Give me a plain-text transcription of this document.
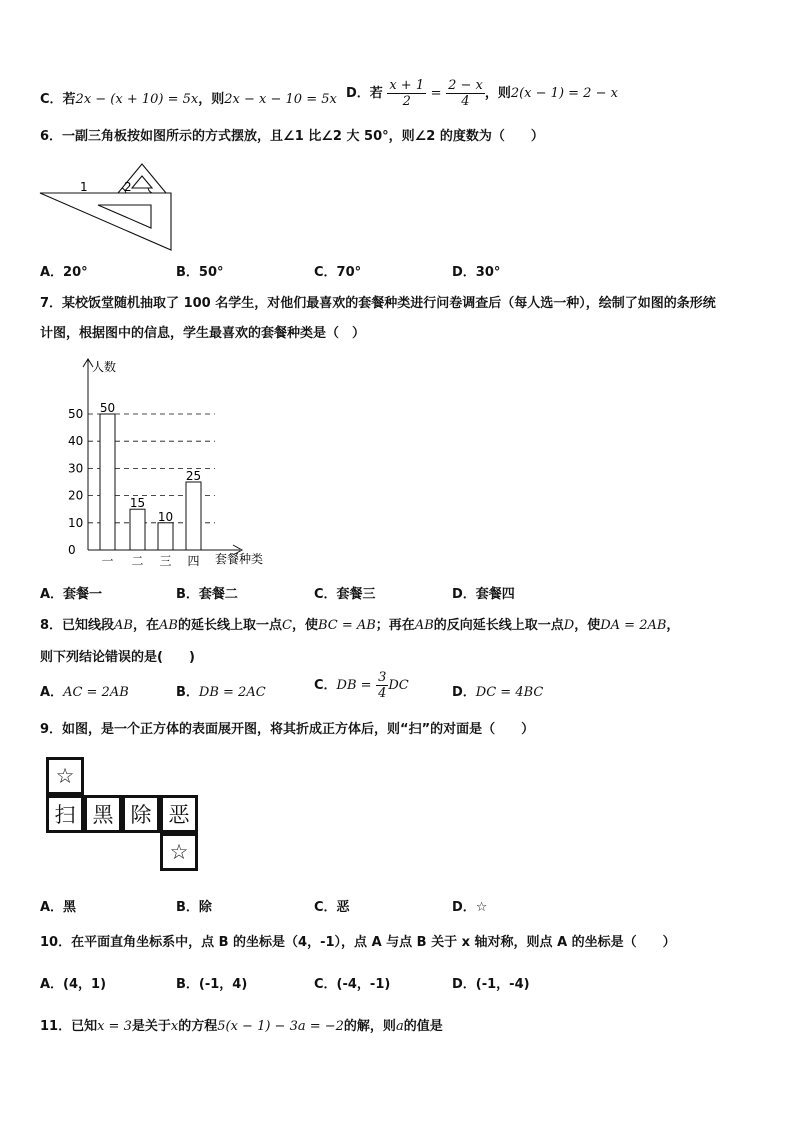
C．若2x − (x + 10) = 5x，则2x − x − 10 = 5x D．若 $\frac{x + 1}{2} = \frac{2 - x}{4}$ ，则2(x − 1) = 2 − x
6．一副三角板按如图所示的方式摆放，且∠1 比∠2 大 50°，则∠2 的度数为（　　）
1	2
A．20°	B．50°	C．70°	D．30°
7．某校饭堂随机抽取了 100 名学生，对他们最喜欢的套餐种类进行问卷调查后（每人选一种），绘制了如图的条形统
计图，根据图中的信息，学生最喜欢的套餐种类是（　）
人数
套餐种类
0
10
20
30
40
50 50
一
15
二
10
三
25
四
A．套餐一	B．套餐二	C．套餐三	D．套餐四
8．已知线段AB，在AB的延长线上取一点C，使BC = AB；再在AB的反向延长线上取一点D，使DA = 2AB，
则下列结论错误的是(　　)
A．AC = 2AB	B．DB = 2AC	C．DB = $\frac{3}{4}$ DC	D．DC = 4BC
9．如图，是一个正方体的表面展开图，将其折成正方体后，则“扫”的对面是（　　）
☆
扫 黑 除 恶
☆
A．黑	B．除	C．恶	D．☆
10．在平面直角坐标系中，点 B 的坐标是（4，-1），点 A 与点 B 关于 x 轴对称，则点 A 的坐标是（　　）
A．(4，1)	B．(-1，4)	C．(-4，-1)	D．(-1，-4)
11．已知x = 3是关于x的方程5(x − 1) − 3a = −2的解，则a的值是
